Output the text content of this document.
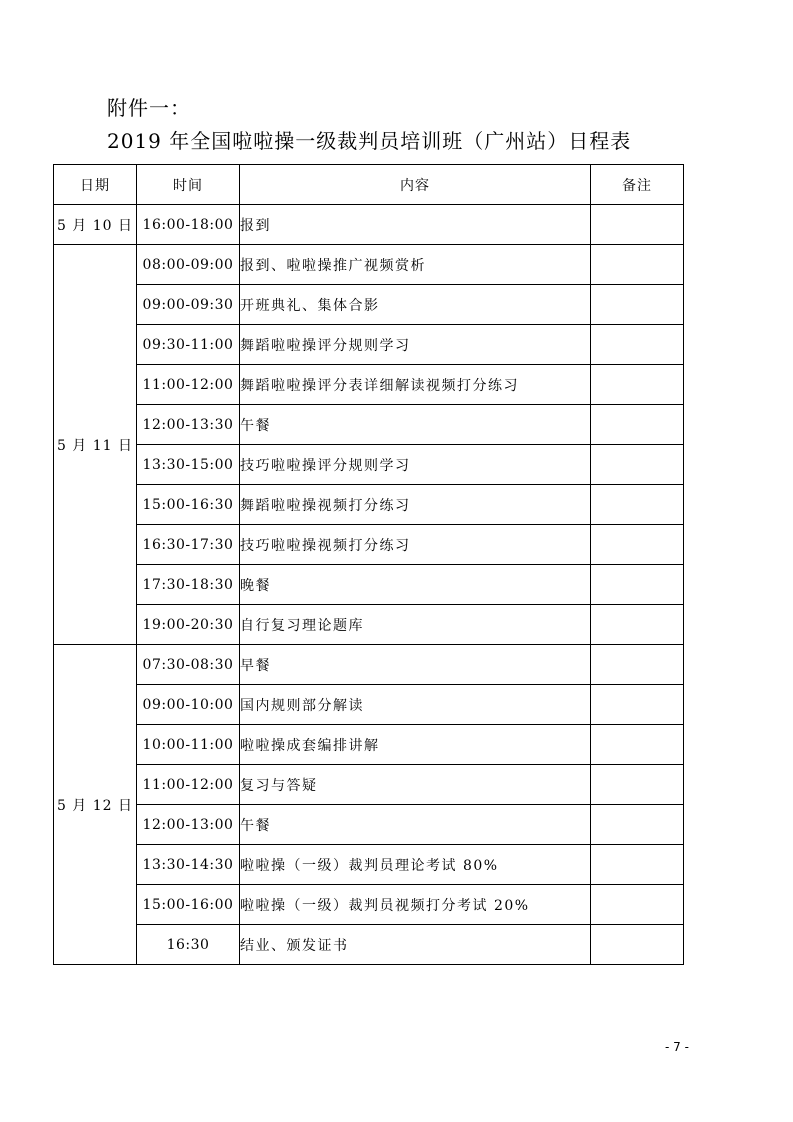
附件一：
2019 年全国啦啦操一级裁判员培训班（广州站）日程表
日期	时间	内容	备注
5 月 10 日	16:00-18:00	报到	
5 月 11 日	08:00-09:00	报到、啦啦操推广视频赏析	
	09:00-09:30	开班典礼、集体合影	
	09:30-11:00	舞蹈啦啦操评分规则学习	
	11:00-12:00	舞蹈啦啦操评分表详细解读视频打分练习	
	12:00-13:30	午餐	
	13:30-15:00	技巧啦啦操评分规则学习	
	15:00-16:30	舞蹈啦啦操视频打分练习	
	16:30-17:30	技巧啦啦操视频打分练习	
	17:30-18:30	晚餐	
	19:00-20:30	自行复习理论题库	
5 月 12 日	07:30-08:30	早餐	
	09:00-10:00	国内规则部分解读	
	10:00-11:00	啦啦操成套编排讲解	
	11:00-12:00	复习与答疑	
	12:00-13:00	午餐	
	13:30-14:30	啦啦操（一级）裁判员理论考试 80%	
	15:00-16:00	啦啦操（一级）裁判员视频打分考试 20%	
	16:30	结业、颁发证书	
- 7 -
